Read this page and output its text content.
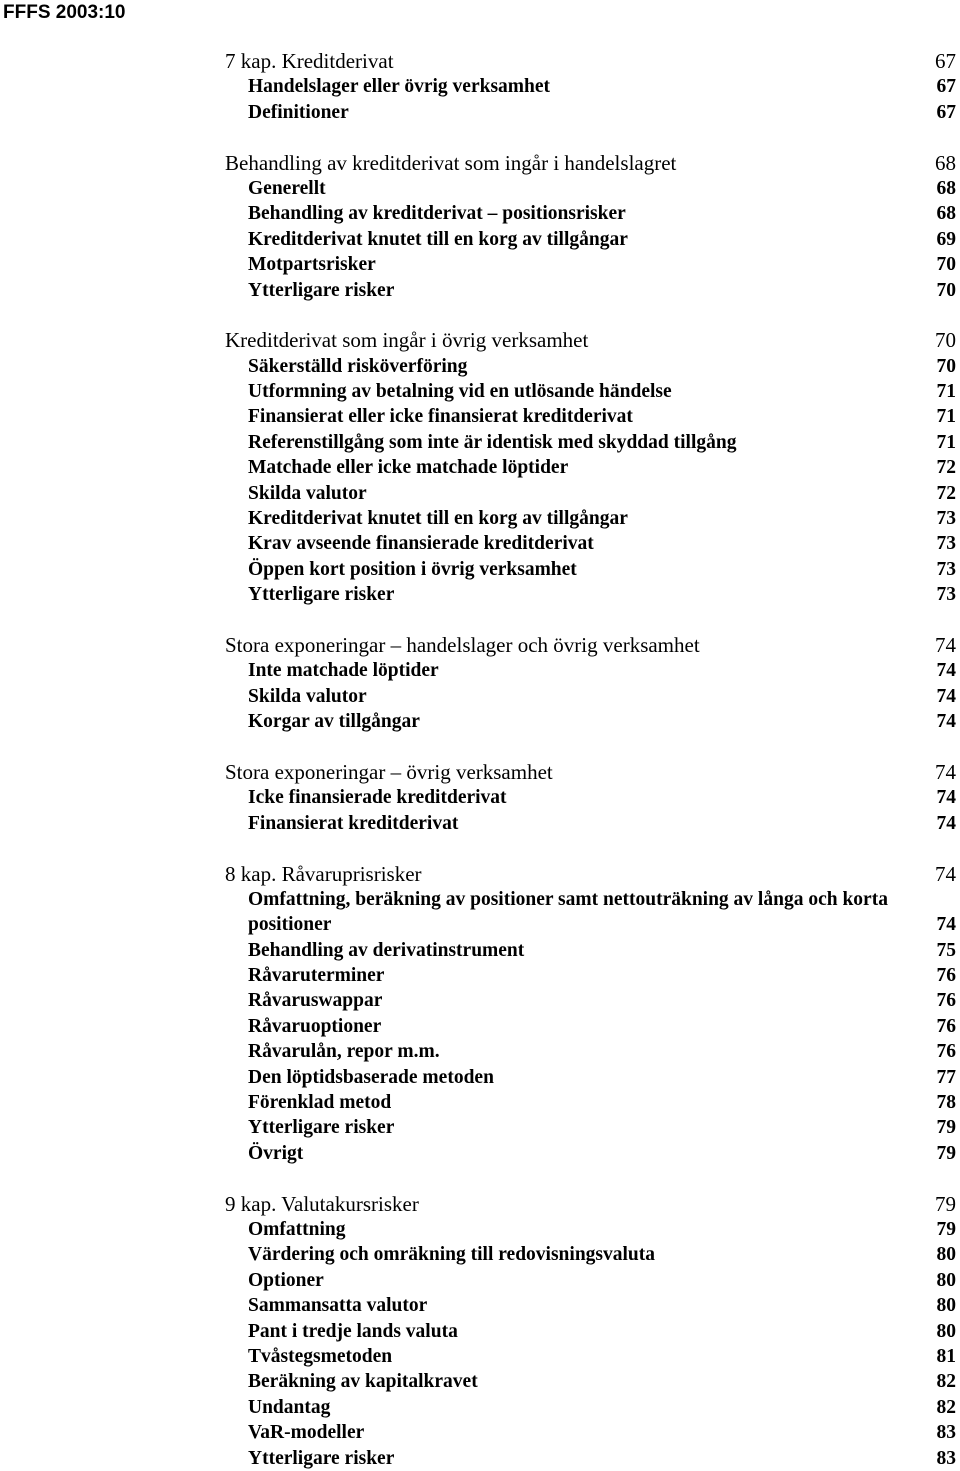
FFFS 2003:10
7 kap. Kreditderivat	67
Handelslager eller övrig verksamhet	67
Definitioner	67
Behandling av kreditderivat som ingår i handelslagret	68
Generellt	68
Behandling av kreditderivat – positionsrisker	68
Kreditderivat knutet till en korg av tillgångar	69
Motpartsrisker	70
Ytterligare risker	70
Kreditderivat som ingår i övrig verksamhet	70
Säkerställd risköverföring	70
Utformning av betalning vid en utlösande händelse	71
Finansierat eller icke finansierat kreditderivat	71
Referenstillgång som inte är identisk med skyddad tillgång	71
Matchade eller icke matchade löptider	72
Skilda valutor	72
Kreditderivat knutet till en korg av tillgångar	73
Krav avseende finansierade kreditderivat	73
Öppen kort position i övrig verksamhet	73
Ytterligare risker	73
Stora exponeringar – handelslager och övrig verksamhet	74
Inte matchade löptider	74
Skilda valutor	74
Korgar av tillgångar	74
Stora exponeringar – övrig verksamhet	74
Icke finansierade kreditderivat	74
Finansierat kreditderivat	74
8 kap. Råvaruprisrisker	74
Omfattning, beräkning av positioner samt nettouträkning av långa och korta positioner	74
Behandling av derivatinstrument	75
Råvaruterminer	76
Råvaruswappar	76
Råvaruoptioner	76
Råvarulån, repor m.m.	76
Den löptidsbaserade metoden	77
Förenklad metod	78
Ytterligare risker	79
Övrigt	79
9 kap. Valutakursrisker	79
Omfattning	79
Värdering och omräkning till redovisningsvaluta	80
Optioner	80
Sammansatta valutor	80
Pant i tredje lands valuta	80
Tvåstegsmetoden	81
Beräkning av kapitalkravet	82
Undantag	82
VaR-modeller	83
Ytterligare risker	83
